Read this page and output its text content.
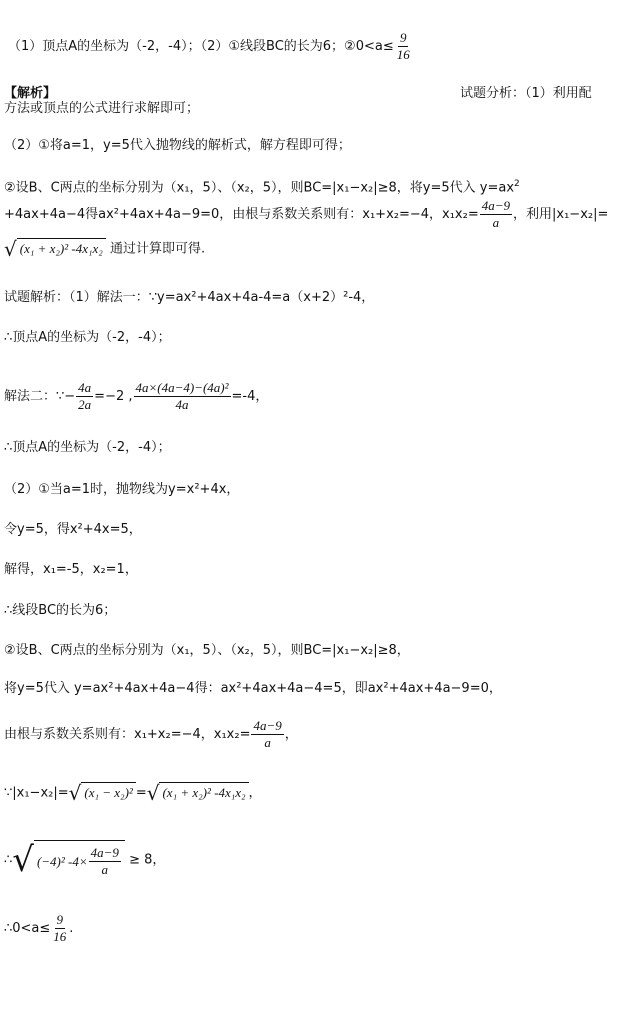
（1）顶点A的坐标为（-2，-4）；（2）①线段BC的长为6；②0<a≤ $\frac{9}{16}$
【解析】	试题分析：（1）利用配
方法或顶点的公式进行求解即可；
（2）①将a=1，y=5代入抛物线的解析式，解方程即可得；
②设B、C两点的坐标分别为（x₁，5）、（x₂，5），则BC=|x₁−x₂|≥8，将y=5代入 $y=ax^2$
+4ax+4a−4得ax²+4ax+4a−9=0，由根与系数关系则有：x₁+x₂=−4，$x_1x_2= \frac{4a-9}{a}$ ，利用|x₁−x₂|=
√ (x₁ + x₂)² -4x₁x₂ 通过计算即可得.
试题解析：（1）解法一：∵y=ax²+4ax+4a-4=a（x+2）²-4，
∴顶点A的坐标为（-2，-4）；
解法二：∵− $\frac{4a}{2a} =-2$ , $\frac{\text{4a×(4a−4)−(4a)²}}{4a} =-4$，
∴顶点A的坐标为（-2，-4）；
（2）①当a=1时，抛物线为y=x²+4x，
令y=5，得x²+4x=5，
解得，x₁=-5，x₂=1，
∴线段BC的长为6；
②设B、C两点的坐标分别为（x₁，5）、（x₂，5），则BC=|x₁−x₂|≥8，
将y=5代入 y=ax²+4ax+4a−4得：ax²+4ax+4a−4=5，即ax²+4ax+4a−9=0，
由根与系数关系则有：x₁+x₂=−4，$x_1x_2= \frac{4a-9}{a}$ ，
∵|x₁−x₂|= √ (x₁ − x₂)² = √ (x₁ + x₂)² -4x₁x₂ ，
∴ √ (−4)² $-4\times \frac{4a-9}{a} \ge 8$，
∴0<a≤ $\frac{9}{16}$ .
